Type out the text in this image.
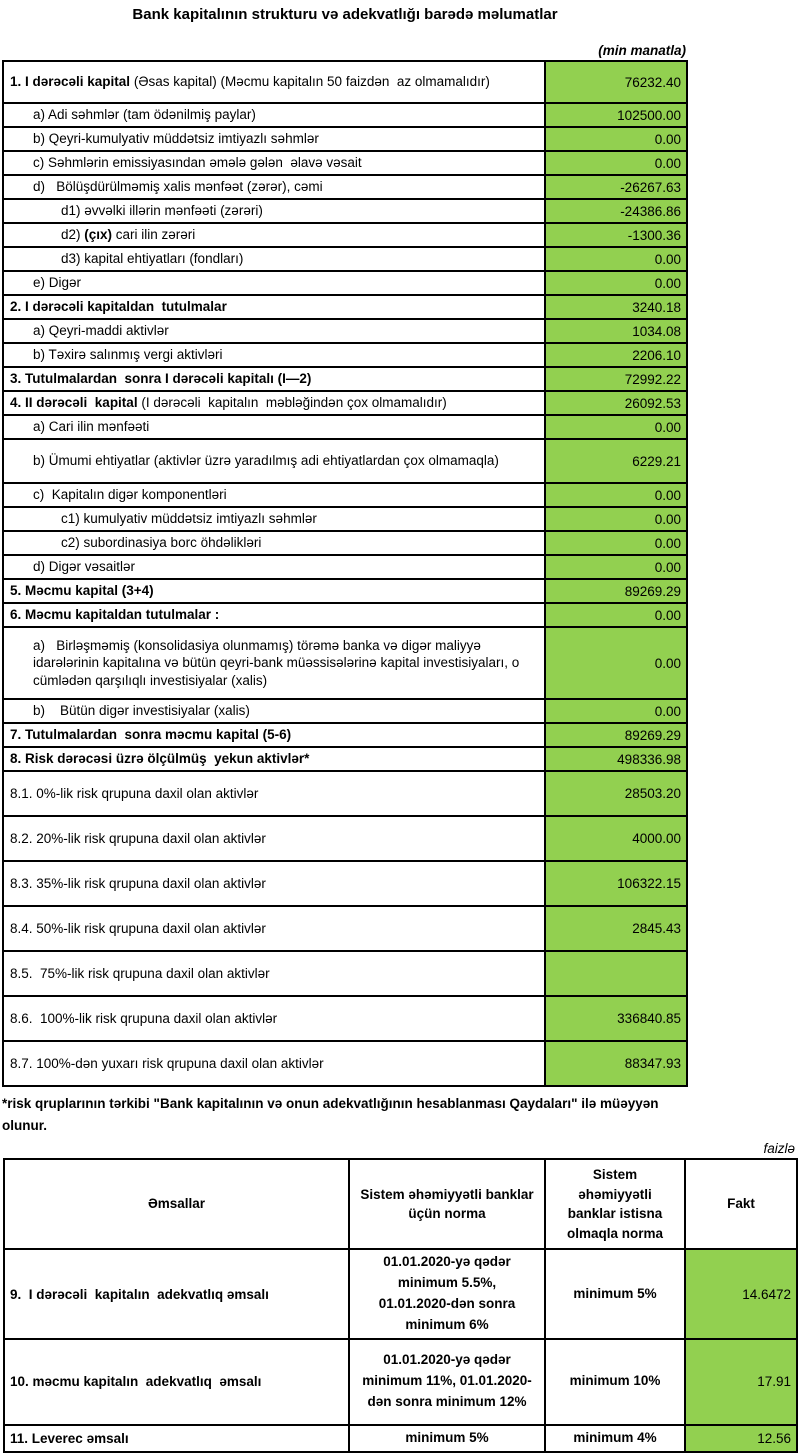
Bank kapitalının strukturu və adekvatlığı barədə məlumatlar
(min manatla)
1. I dərəcəli kapital (Əsas kapital) (Məcmu kapitalın 50 faizdən  az olmamalıdır)	76232.40
a) Adi səhmlər (tam ödənilmiş paylar)	102500.00
b) Qeyri-kumulyativ müddətsiz imtiyazlı səhmlər	0.00
c) Səhmlərin emissiyasından əmələ gələn  əlavə vəsait	0.00
d)   Bölüşdürülməmiş xalis mənfəət (zərər), cəmi	-26267.63
d1) əvvəlki illərin mənfəəti (zərəri)	-24386.86
d2) (çıx) cari ilin zərəri	-1300.36
d3) kapital ehtiyatları (fondları)	0.00
e) Digər	0.00
2. I dərəcəli kapitaldan  tutulmalar	3240.18
a) Qeyri-maddi aktivlər	1034.08
b) Təxirə salınmış vergi aktivləri	2206.10
3. Tutulmalardan  sonra I dərəcəli kapitalı (I—2)	72992.22
4. II dərəcəli  kapital (I dərəcəli  kapitalın  məbləğindən çox olmamalıdır)	26092.53
a) Cari ilin mənfəəti	0.00
b) Ümumi ehtiyatlar (aktivlər üzrə yaradılmış adi ehtiyatlardan çox olmamaqla)	6229.21
c)  Kapitalın digər komponentləri	0.00
c1) kumulyativ müddətsiz imtiyazlı səhmlər	0.00
c2) subordinasiya borc öhdəlikləri	0.00
d) Digər vəsaitlər	0.00
5. Məcmu kapital (3+4)	89269.29
6. Məcmu kapitaldan tutulmalar :	0.00
a)   Birləşməmiş (konsolidasiya olunmamış) törəmə banka və digər maliyyə idarələrinin kapitalına və bütün qeyri-bank müəssisələrinə kapital investisiyaları, o cümlədən qarşılıqlı investisiyalar (xalis)	0.00
b)    Bütün digər investisiyalar (xalis)	0.00
7. Tutulmalardan  sonra məcmu kapital (5-6)	89269.29
8. Risk dərəcəsi üzrə ölçülmüş  yekun aktivlər*	498336.98
8.1. 0%-lik risk qrupuna daxil olan aktivlər	28503.20
8.2. 20%-lik risk qrupuna daxil olan aktivlər	4000.00
8.3. 35%-lik risk qrupuna daxil olan aktivlər	106322.15
8.4. 50%-lik risk qrupuna daxil olan aktivlər	2845.43
8.5.  75%-lik risk qrupuna daxil olan aktivlər	
8.6.  100%-lik risk qrupuna daxil olan aktivlər	336840.85
8.7. 100%-dən yuxarı risk qrupuna daxil olan aktivlər	88347.93
*risk qruplarının tərkibi "Bank kapitalının və onun adekvatlığının hesablanması Qaydaları" ilə müəyyən olunur.
faizlə
Əmsallar	Sistem əhəmiyyətli banklar üçün norma	Sistem əhəmiyyətli banklar istisna olmaqla norma	Fakt
9.  I dərəcəli  kapitalın  adekvatlıq əmsalı	01.01.2020-yə qədər minimum 5.5%, 01.01.2020-dən sonra minimum 6%	minimum 5%	14.6472
10. məcmu kapitalın  adekvatlıq  əmsalı	01.01.2020-yə qədər minimum 11%, 01.01.2020-dən sonra minimum 12%	minimum 10%	17.91
11. Leverec əmsalı	minimum 5%	minimum 4%	12.56
